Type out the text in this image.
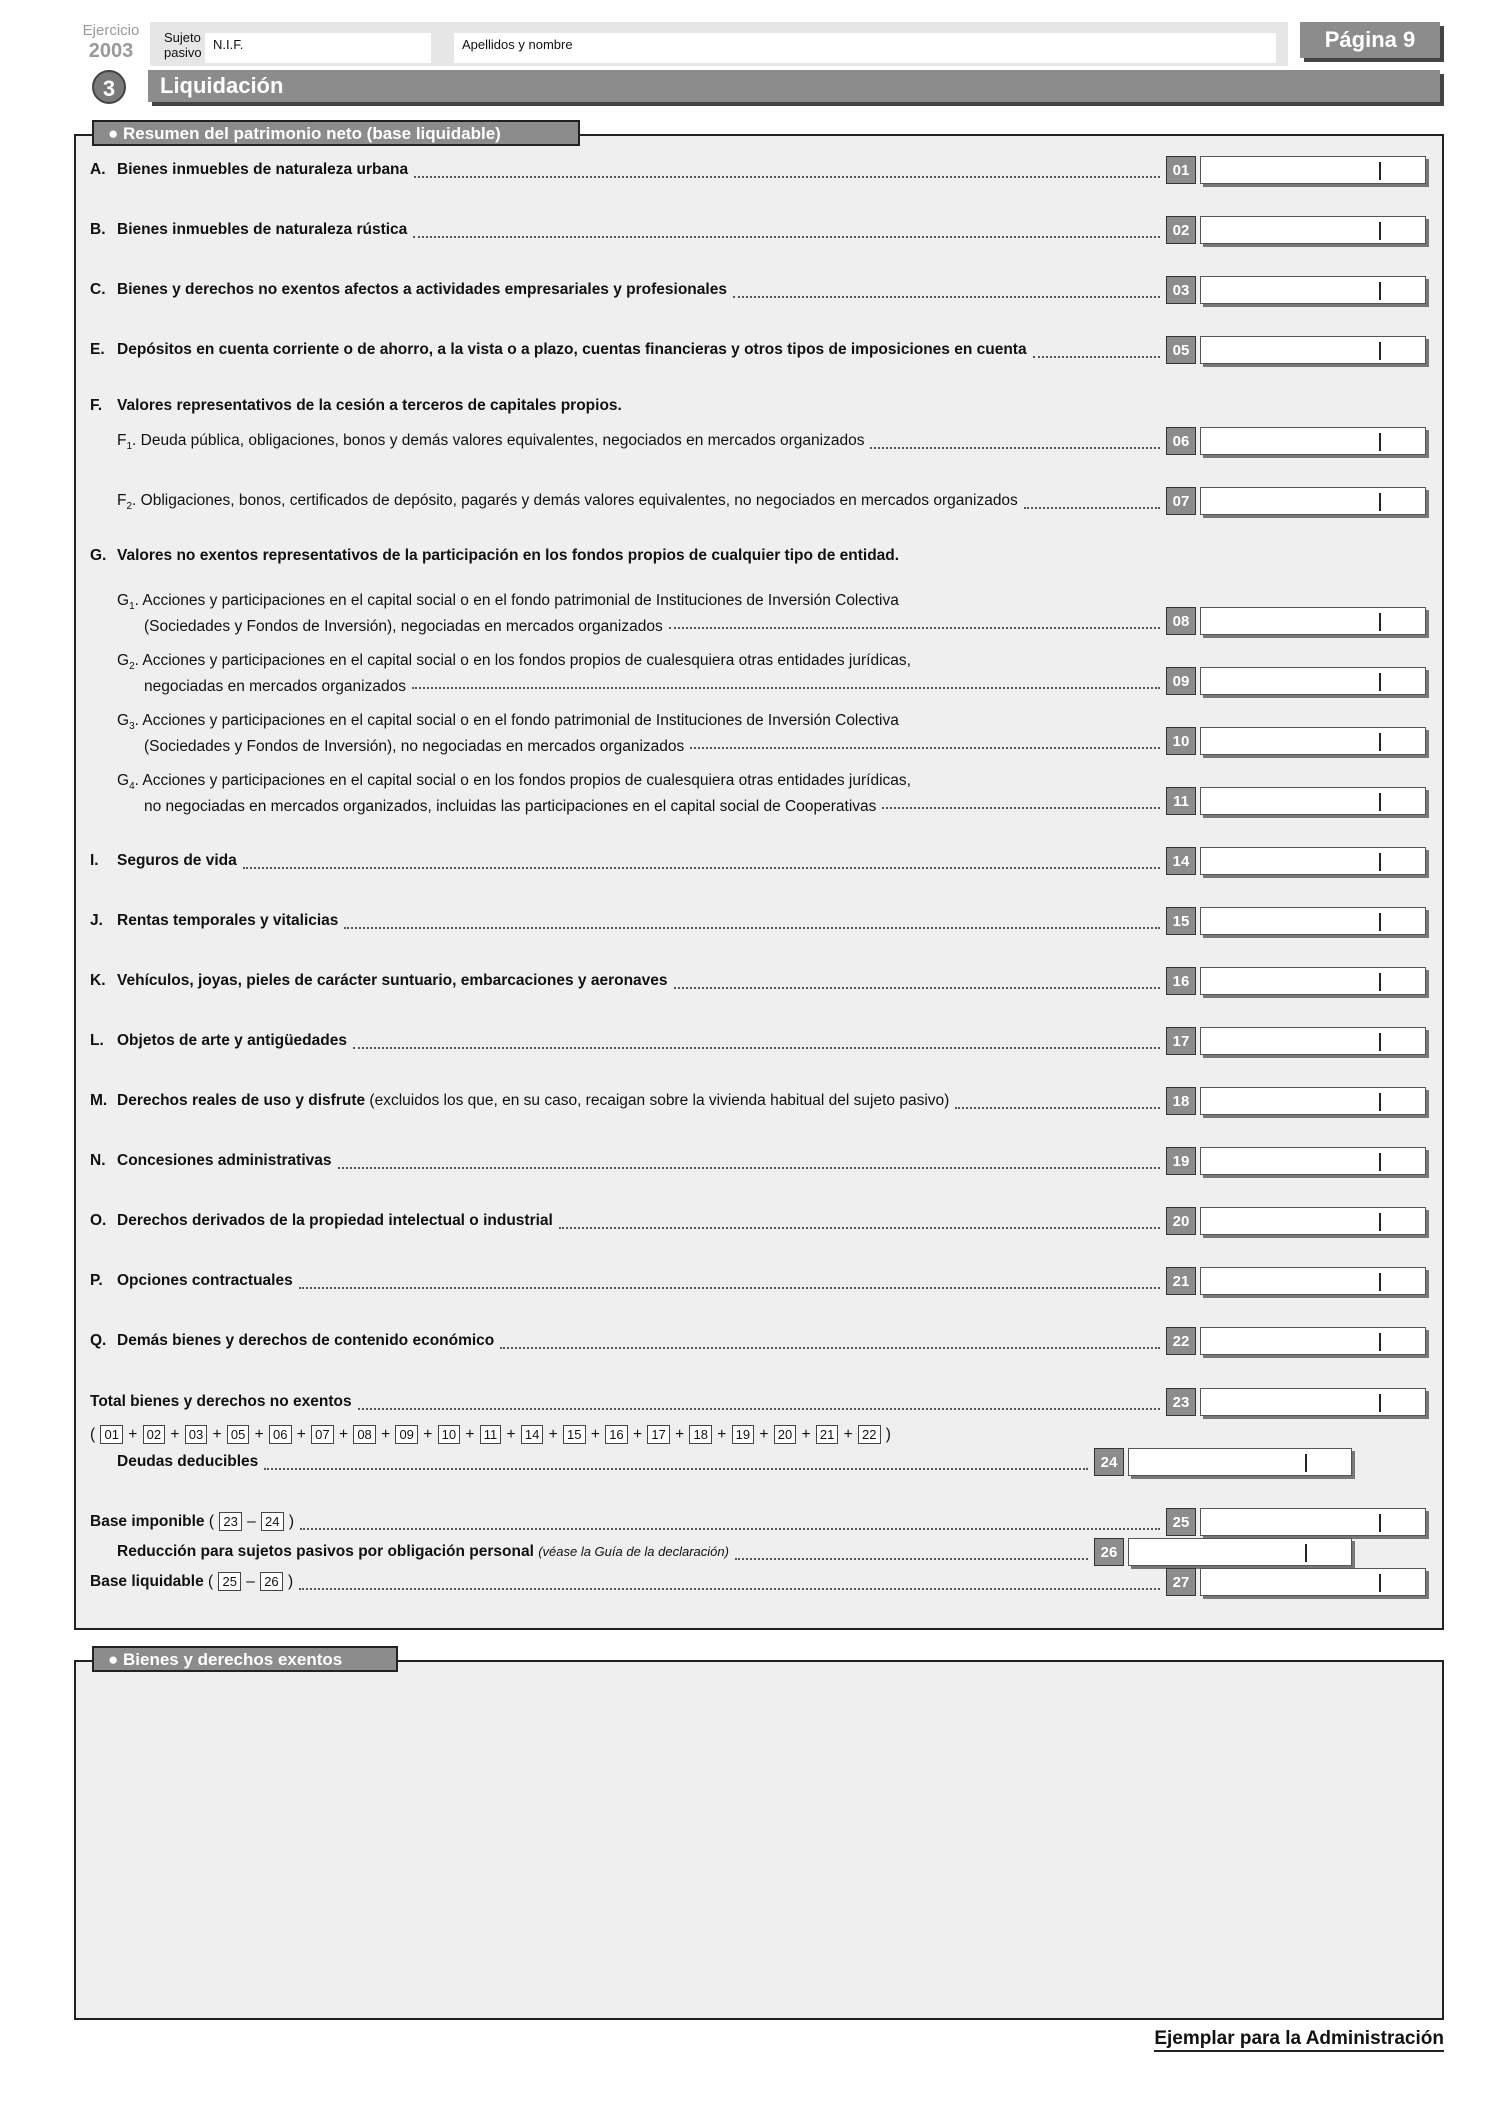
Ejercicio
2003
Sujeto
pasivo
N.I.F.	Apellidos y nombre	Página 9
3	Liquidación
● Resumen del patrimonio neto (base liquidable)
A. Bienes inmuebles de naturaleza urbana	01
B. Bienes inmuebles de naturaleza rústica	02
C. Bienes y derechos no exentos afectos a actividades empresariales y profesionales	03
E. Depósitos en cuenta corriente o de ahorro, a la vista o a plazo, cuentas financieras y otros tipos de imposiciones en cuenta	05
F. Valores representativos de la cesión a terceros de capitales propios.
$F_1$. Deuda pública, obligaciones, bonos y demás valores equivalentes, negociados en mercados organizados	06
$F_2$. Obligaciones, bonos, certificados de depósito, pagarés y demás valores equivalentes, no negociados en mercados organizados	07
G. Valores no exentos representativos de la participación en los fondos propios de cualquier tipo de entidad.
$G_1$. Acciones y participaciones en el capital social o en el fondo patrimonial de Instituciones de Inversión Colectiva
(Sociedades y Fondos de Inversión), negociadas en mercados organizados	08
$G_2$. Acciones y participaciones en el capital social o en los fondos propios de cualesquiera otras entidades jurídicas,
negociadas en mercados organizados	09
$G_3$. Acciones y participaciones en el capital social o en el fondo patrimonial de Instituciones de Inversión Colectiva
(Sociedades y Fondos de Inversión), no negociadas en mercados organizados	10
$G_4$. Acciones y participaciones en el capital social o en los fondos propios de cualesquiera otras entidades jurídicas,
no negociadas en mercados organizados, incluidas las participaciones en el capital social de Cooperativas	11
I. Seguros de vida	14
J. Rentas temporales y vitalicias	15
K. Vehículos, joyas, pieles de carácter suntuario, embarcaciones y aeronaves	16
L. Objetos de arte y antigüedades	17
M. Derechos reales de uso y disfrute (excluidos los que, en su caso, recaigan sobre la vivienda habitual del sujeto pasivo)	18
N. Concesiones administrativas	19
O. Derechos derivados de la propiedad intelectual o industrial	20
P. Opciones contractuales	21
Q. Demás bienes y derechos de contenido económico	22
Total bienes y derechos no exentos	23
Deudas deducibles	24
Base imponible ( 23 – 24 )	25
Reducción para sujetos pasivos por obligación personal (véase la Guía de la declaración)	26
Base liquidable ( 25 – 26 )	27
( 01 + 02 + 03 + 05 + 06 + 07 + 08 + 09 + 10 + 11 + 14 + 15 + 16 + 17 + 18 + 19 + 20 + 21 + 22 )
● Bienes y derechos exentos
Ejemplar para la Administración
